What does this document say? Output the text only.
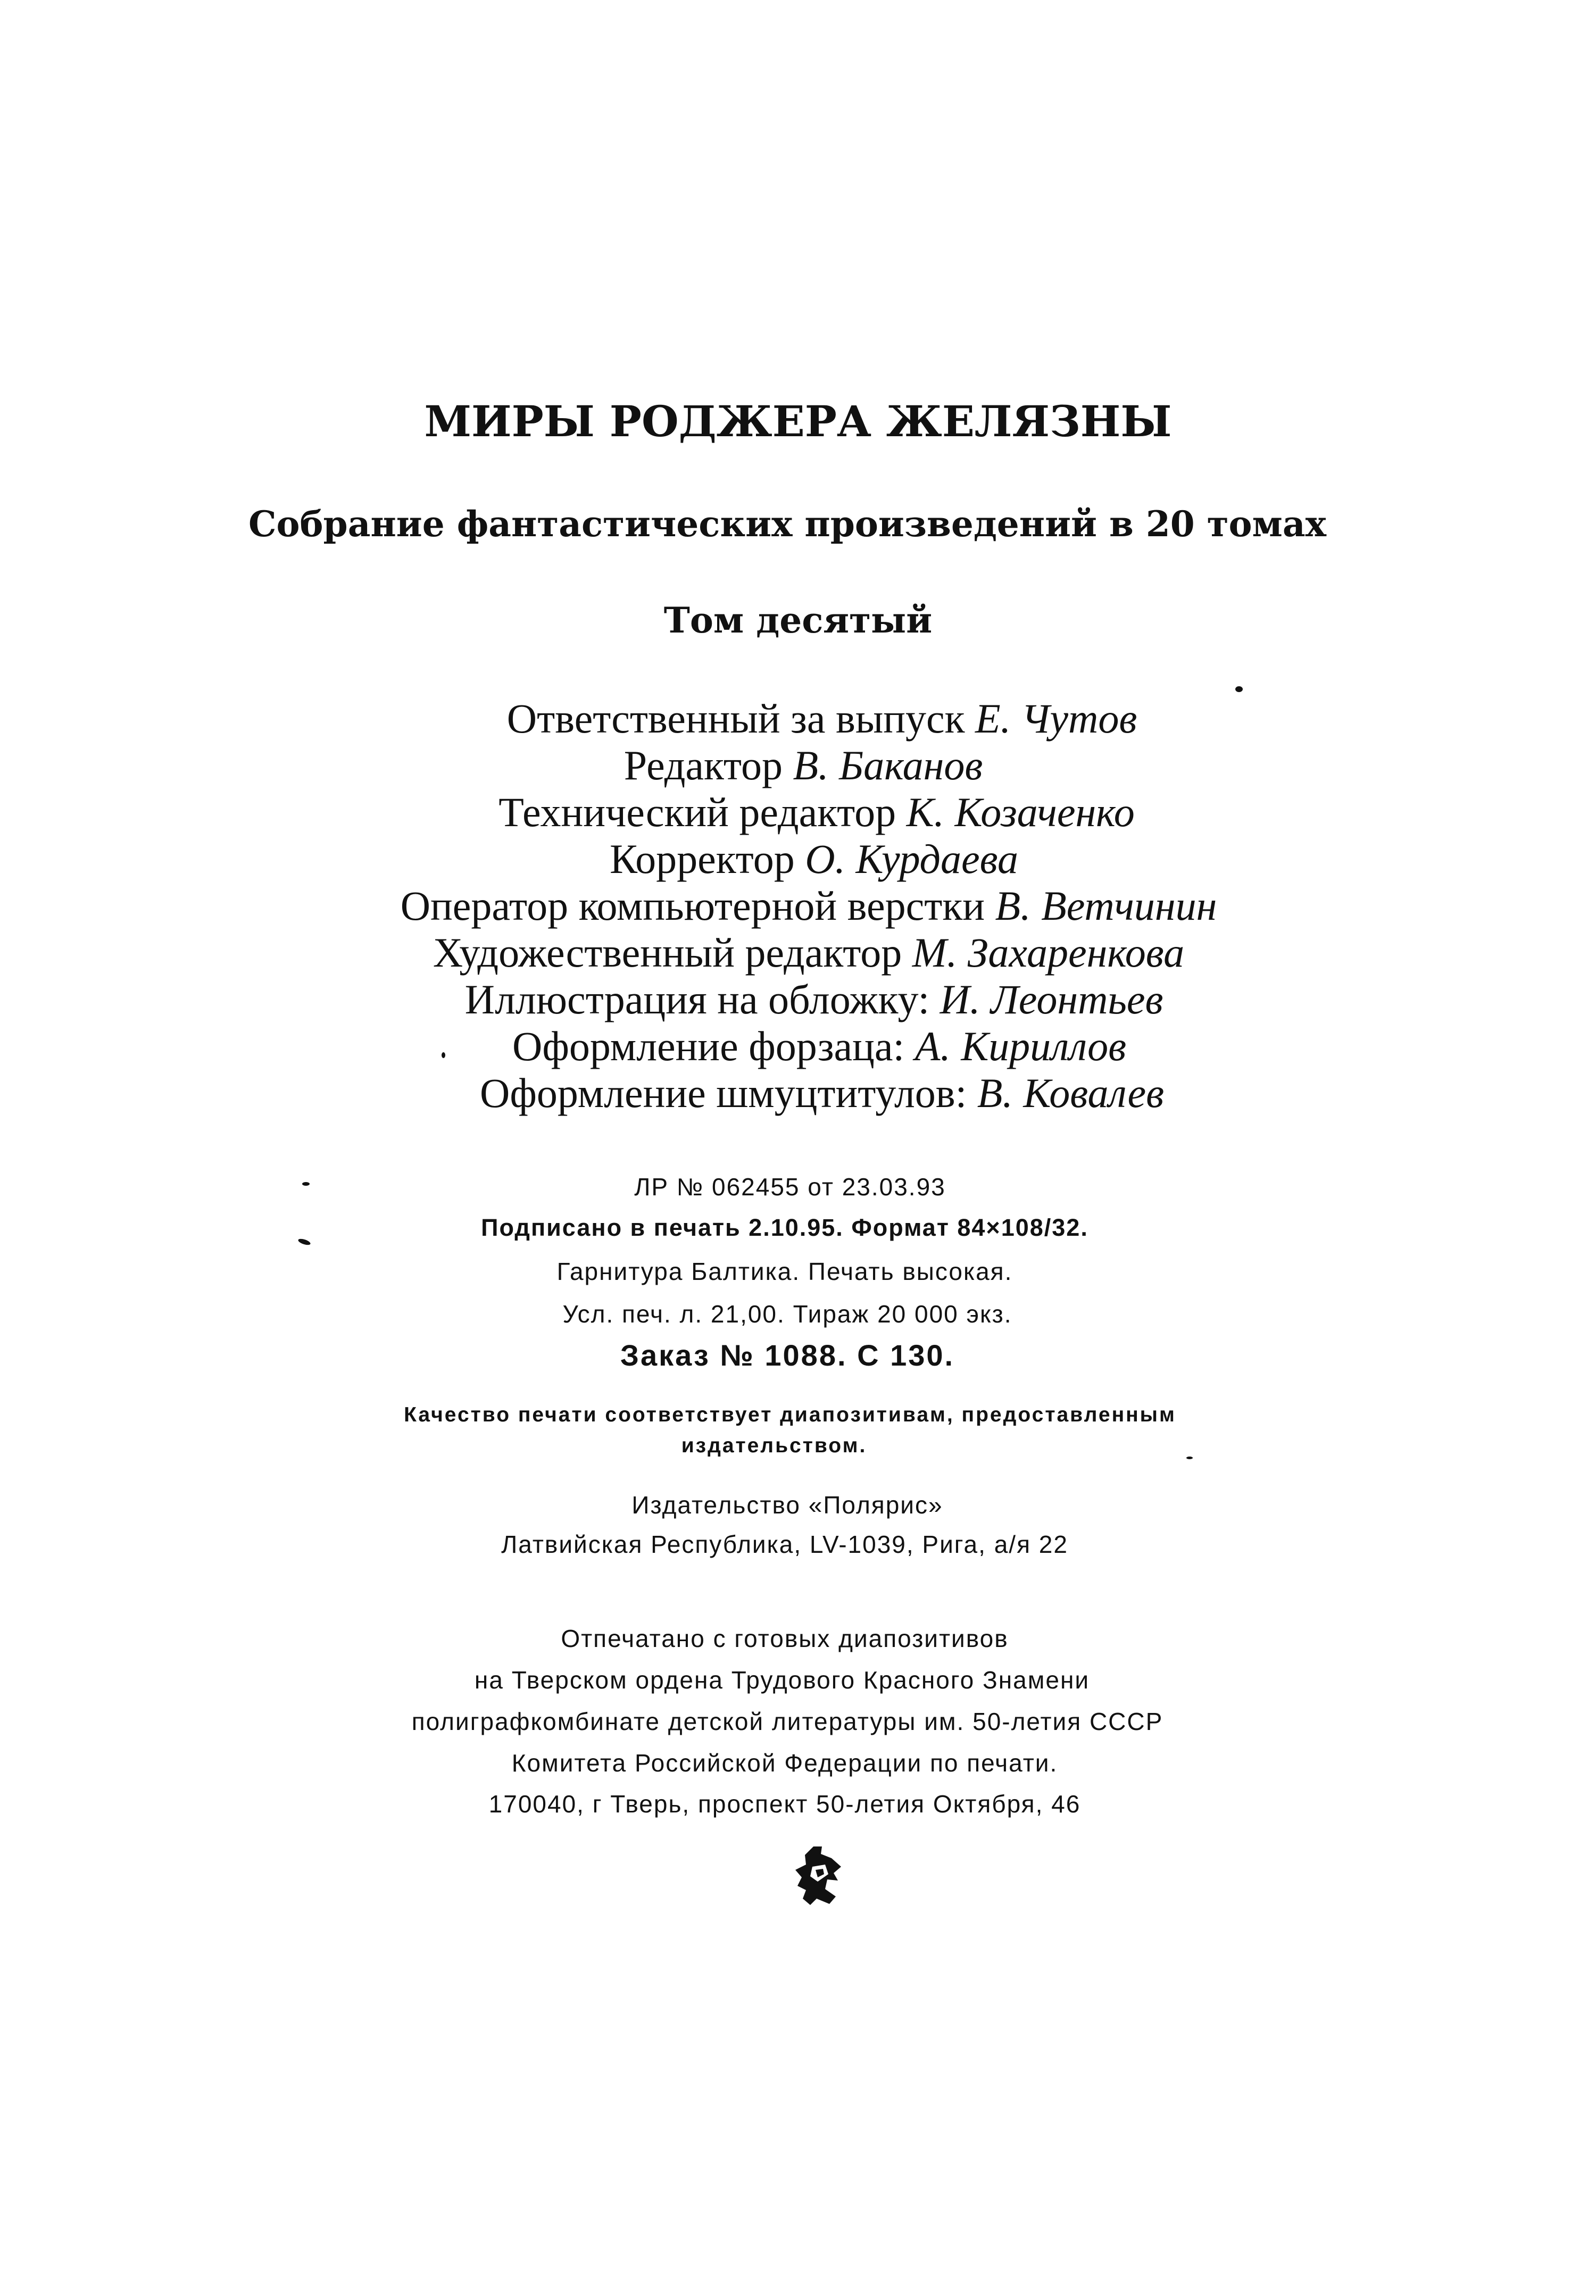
МИРЫ РОДЖЕРА ЖЕЛЯЗНЫ
Собрание фантастических произведений в 20 томах
Том десятый
Ответственный за выпуск Е. Чутов
Редактор В. Баканов
Технический редактор К. Козаченко
Корректор О. Курдаева
Оператор компьютерной верстки В. Ветчинин
Художественный редактор М. Захаренкова
Иллюстрация на обложку: И. Леонтьев
Оформление форзаца: А. Кириллов
Оформление шмуцтитулов: В. Ковалев
ЛР № 062455 от 23.03.93
Подписано в печать 2.10.95. Формат 84×108/32.
Гарнитура Балтика. Печать высокая.
Усл. печ. л. 21,00. Тираж 20 000 экз.
Заказ № 1088. С 130.
Качество печати соответствует диапозитивам, предоставленным
издательством.
Издательство «Полярис»
Латвийская Республика, LV-1039, Рига, а/я 22
Отпечатано с готовых диапозитивов
на Тверском ордена Трудового Красного Знамени
полиграфкомбинате детской литературы им. 50-летия СССР
Комитета Российской Федерации по печати.
170040, г Тверь, проспект 50-летия Октября, 46
